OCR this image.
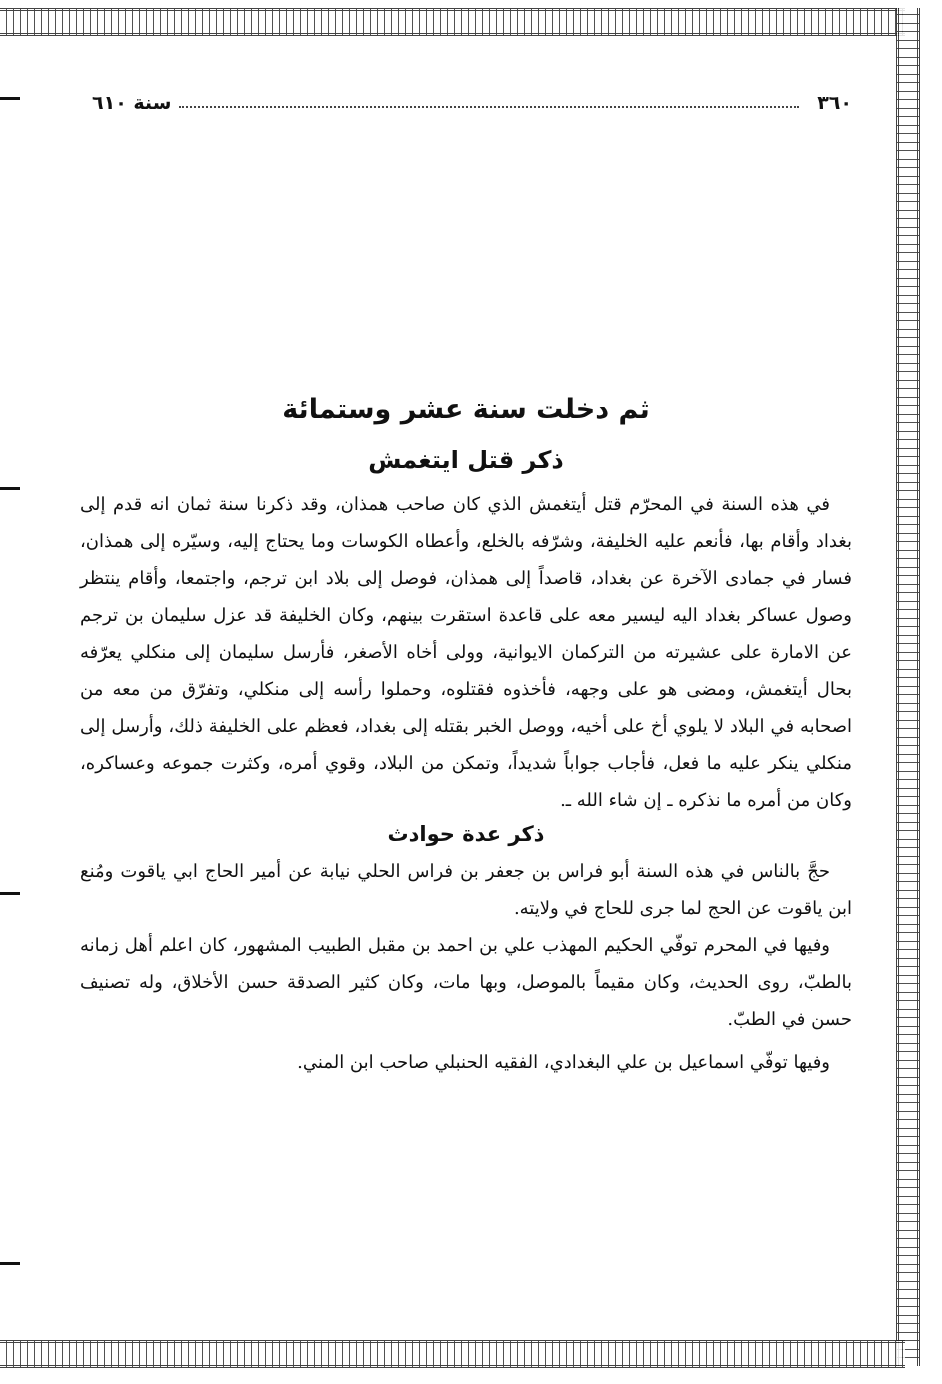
٣٦٠
سنة ٦١٠
ثم دخلت سنة عشر وستمائة
ذكر قتل ايتغمش

في هذه السنة في المحرّم قتل أيتغمش الذي كان صاحب همذان، وقد ذكرنا سنة ثمان انه قدم إلى بغداد وأقام بها، فأنعم عليه الخليفة، وشرّفه بالخلع، وأعطاه الكوسات وما يحتاج إليه، وسيّره إلى همذان، فسار في جمادى الآخرة عن بغداد، قاصداً إلى همذان، فوصل إلى بلاد ابن ترجم، واجتمعا، وأقام ينتظر وصول عساكر بغداد اليه ليسير معه على قاعدة استقرت بينهم، وكان الخليفة قد عزل سليمان بن ترجم عن الامارة على عشيرته من التركمان الايوانية، وولى أخاه الأصغر، فأرسل سليمان إلى منكلي يعرّفه بحال أيتغمش، ومضى هو على وجهه، فأخذوه فقتلوه، وحملوا رأسه إلى منكلي، وتفرّق من معه من اصحابه في البلاد لا يلوي أخ على أخيه، ووصل الخبر بقتله إلى بغداد، فعظم على الخليفة ذلك، وأرسل إلى منكلي ينكر عليه ما فعل، فأجاب جواباً شديداً، وتمكن من البلاد، وقوي أمره، وكثرت جموعه وعساكره، وكان من أمره ما نذكره ـ إن شاء الله ـ.

ذكر عدة حوادث

حجَّ بالناس في هذه السنة أبو فراس بن جعفر بن فراس الحلي نيابة عن أمير الحاج ابي ياقوت ومُنع ابن ياقوت عن الحج لما جرى للحاج في ولايته.

وفيها في المحرم توفّي الحكيم المهذب علي بن احمد بن مقبل الطبيب المشهور، كان اعلم أهل زمانه بالطبّ، روى الحديث، وكان مقيماً بالموصل، وبها مات، وكان كثير الصدقة حسن الأخلاق، وله تصنيف حسن في الطبّ.

وفيها توفّي اسماعيل بن علي البغدادي، الفقيه الحنبلي صاحب ابن المني.
